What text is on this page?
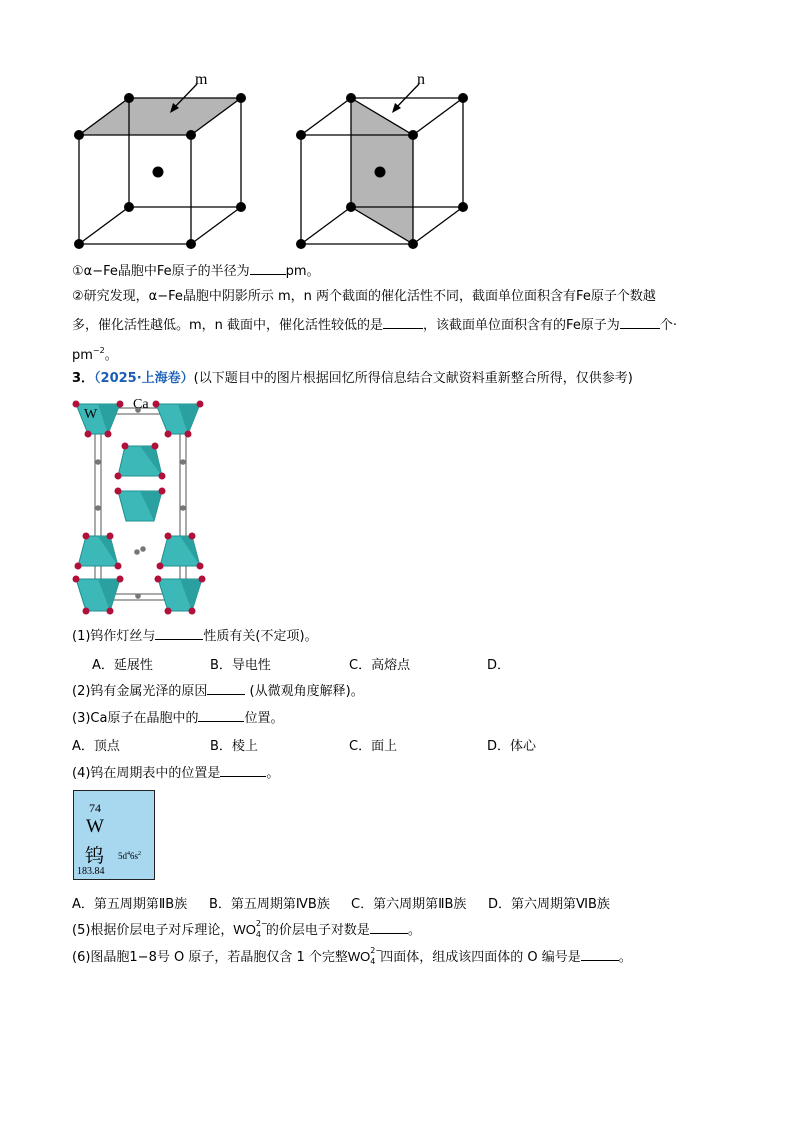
m	n
①α−Fe晶胞中Fe原子的半径为	pm。
②研究发现，α−Fe晶胞中阴影所示 m，n 两个截面的催化活性不同，截面单位面积含有Fe原子个数越
多，催化活性越低。m，n 截面中，催化活性较低的是	，该截面单位面积含有的Fe原子为	个·
$pm^{-2}$。
3．（2025·上海卷）(以下题目中的图片根据回忆所得信息结合文献资料重新整合所得，仅供参考)
W
Ca
(1)钨作灯丝与	性质有关(不定项)。
A．延展性	B．导电性	C．高熔点	D．
(2)钨有金属光泽的原因	(从微观角度解释)。
(3)Ca原子在晶胞中的	位置。
A．顶点	B．棱上	C．面上	D．体心
(4)钨在周期表中的位置是	。
74
W
钨 $5d^46s^2$
183.84
A．第五周期第ⅡB族 B．第五周期第ⅣB族 C．第六周期第ⅡB族 D．第六周期第ⅥB族
(5)根据价层电子对斥理论，WO 2−
4 的价层电子对数是	。
(6)图晶胞1−8号 O 原子，若晶胞仅含 1 个完整WO 2−
4 四面体，组成该四面体的 O 编号是	。
